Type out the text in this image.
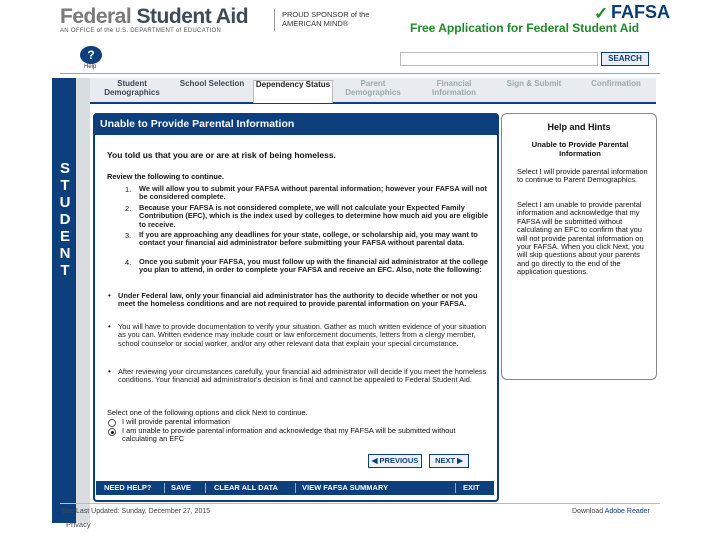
Federal Student Aid
AN OFFICE of the U.S. DEPARTMENT of EDUCATION
PROUD SPONSOR of the AMERICAN MIND®
✓ FAFSA
Free Application for Federal Student Aid
?
Help
SEARCH
Student Demographics
School Selection	Dependency Status	Parent Demographics
Financial Information
Sign & Submit	Confirmation
S
T
U
D
E
N
T
Unable to Provide Parental Information
You told us that you are or are at risk of being homeless.
Review the following to continue.
1.	We will allow you to submit your FAFSA without parental information; however your FAFSA will not be considered complete.
2.	Because your FAFSA is not considered complete, we will not calculate your Expected Family Contribution (EFC), which is the index used by colleges to determine how much aid you are eligible to receive.
3.	If you are approaching any deadlines for your state, college, or scholarship aid, you may want to contact your financial aid administrator before submitting your FAFSA without parental data.
4.	Once you submit your FAFSA, you must follow up with the financial aid administrator at the college you plan to attend, in order to complete your FAFSA and receive an EFC. Also, note the following:
• Under Federal law, only your financial aid administrator has the authority to decide whether or not you meet the homeless conditions and are not required to provide parental information on your FAFSA.
• You will have to provide documentation to verify your situation. Gather as much written evidence of your situation as you can. Written evidence may include court or law enforcement documents, letters from a clergy member, school counselor or social worker, and/or any other relevant data that explain your special circumstance.
• After reviewing your circumstances carefully, your financial aid administrator will decide if you meet the homeless conditions. Your financial aid administrator's decision is final and cannot be appealed to Federal Student Aid.
Select one of the following options and click Next to continue.
I will provide parental information
I am unable to provide parental information and acknowledge that my FAFSA will be submitted without calculating an EFC
◀ PREVIOUS	NEXT ▶
NEED HELP?	SAVE	CLEAR ALL DATA	VIEW FAFSA SUMMARY	EXIT
Help and Hints
Unable to Provide Parental Information
Select I will provide parental information to continue to Parent Demographics.
Select I am unable to provide parental information and acknowledge that my FAFSA will be submitted without calculating an EFC to confirm that you will not provide parental information on your FAFSA. When you click Next, you will skip questions about your parents and go directly to the end of the application questions.
Site Last Updated: Sunday, December 27, 2015	Download Adobe Reader
Privacy
